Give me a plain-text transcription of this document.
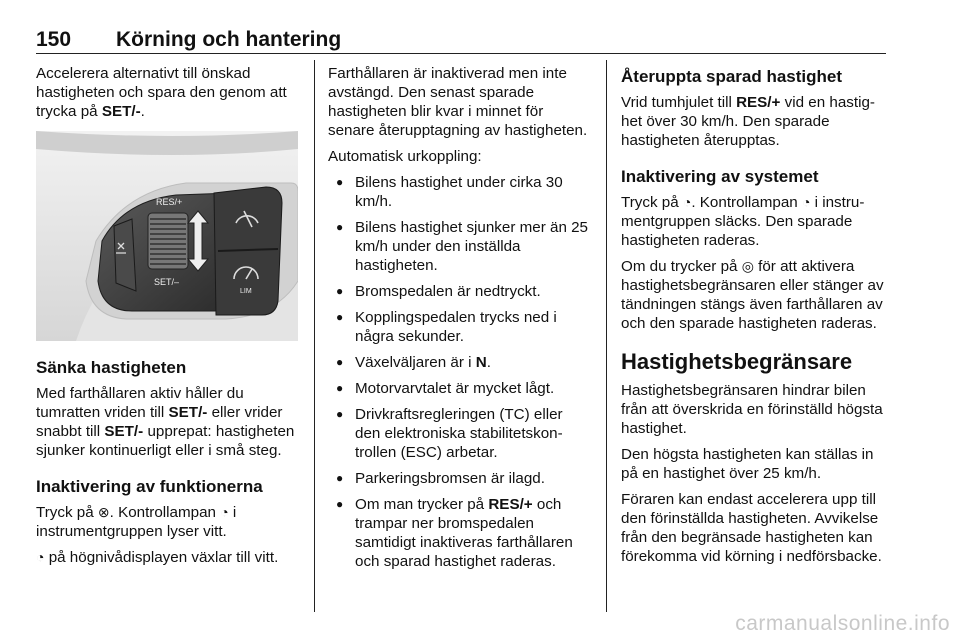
150 Körning och hantering

Accelerera alternativt till önskad hastigheten och spara den genom att trycka på SET/-.

RES/+
SET/–
LIM
Sänka hastigheten

Med farthållaren aktiv håller du tumratten vriden till SET/- eller vrider snabbt till SET/- upprepat: hastigheten sjunker kontinuerligt eller i små steg.

Inaktivering av funktionerna

Tryck på ⊗. Kontrollampan ◔ i instrumentgruppen lyser vitt.

◔ på högnivådisplayen växlar till vitt.

Farthållaren är inaktiverad men inte avstängd. Den senast sparade hastigheten blir kvar i minnet för senare återupptagning av hastigheten.

Automatisk urkoppling:

● Bilens hastighet under cirka 30 km/h.
● Bilens hastighet sjunker mer än 25 km/h under den inställda hastigheten.
● Bromspedalen är nedtryckt.
● Kopplingspedalen trycks ned i några sekunder.
● Växelväljaren är i N.
● Motorvarvtalet är mycket lågt.
● Drivkraftsregleringen (TC) eller den elektroniska stabilitetskontrollen (ESC) arbetar.
● Parkeringsbromsen är ilagd.
● Om man trycker på RES/+ och trampar ner bromspedalen samtidigt inaktiveras farthållaren och sparad hastighet raderas.
Återuppta sparad hastighet

Vrid tumhjulet till RES/+ vid en hastighet över 30 km/h. Den sparade hastigheten återupptas.

Inaktivering av systemet

Tryck på ◔. Kontrollampan ◔ i instrumentgruppen släcks. Den sparade hastigheten raderas.

Om du trycker på ◎ för att aktivera hastighetsbegränsaren eller stänger av tändningen stängs även farthållaren av och den sparade hastigheten raderas.

Hastighetsbegränsare

Hastighetsbegränsaren hindrar bilen från att överskrida en förinställd högsta hastighet.

Den högsta hastigheten kan ställas in på en hastighet över 25 km/h.

Föraren kan endast accelerera upp till den förinställda hastigheten. Avvikelse från den begränsade hastigheten kan förekomma vid körning i nedförsbacke.

carmanualsonline.info
